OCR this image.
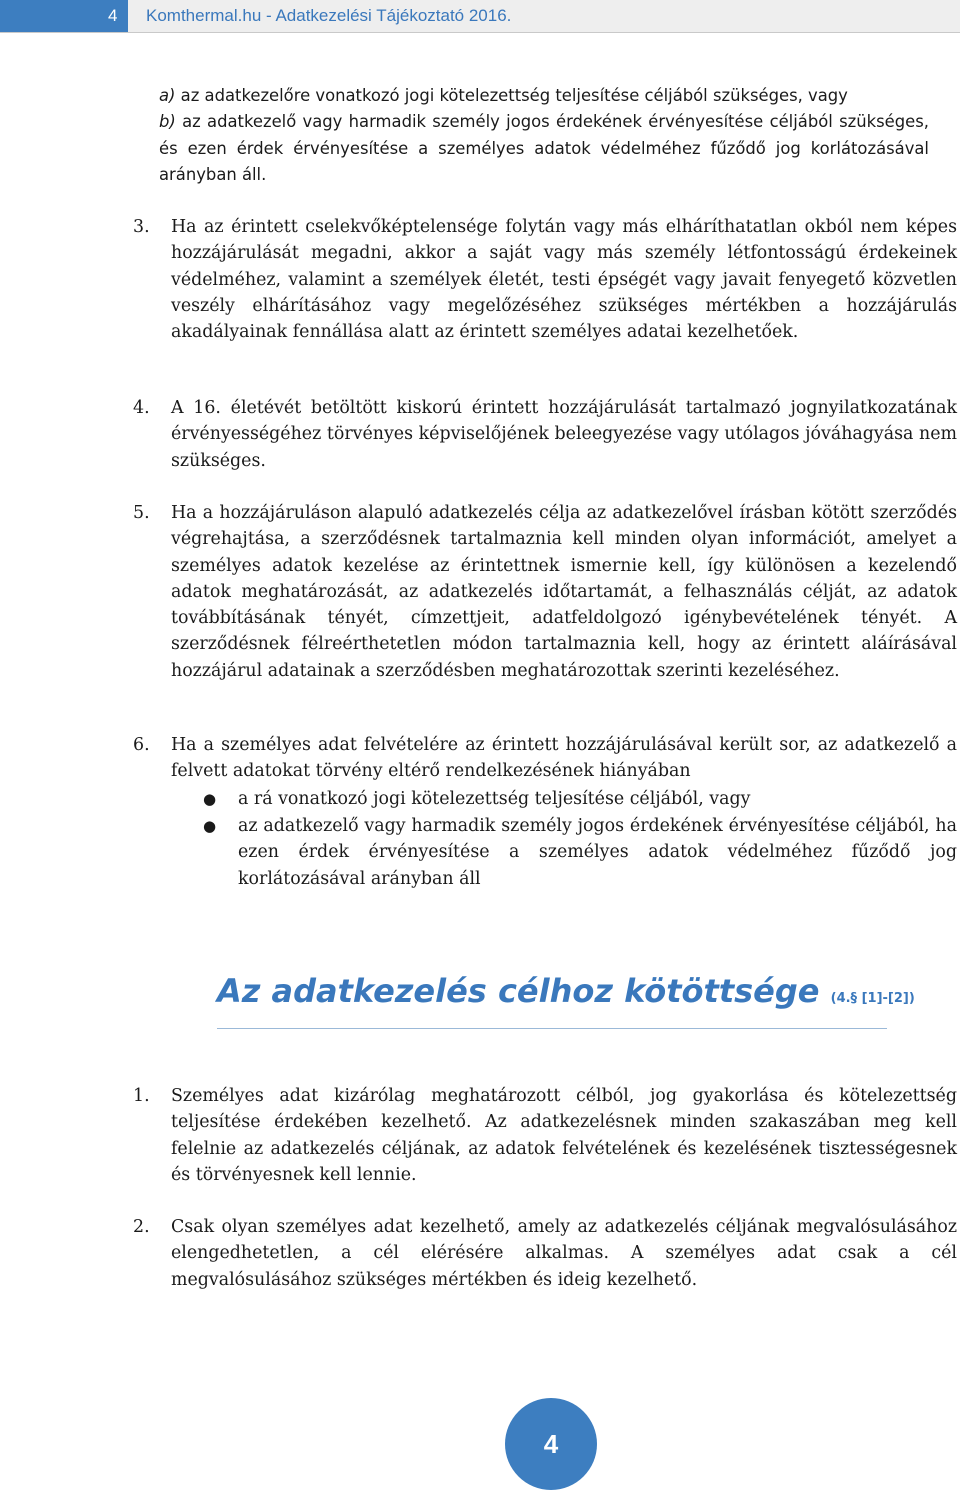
4 Komthermal.hu - Adatkezelési Tájékoztató 2016.
a) az adatkezelőre vonatkozó jogi kötelezettség teljesítése céljából szükséges, vagy
b) az adatkezelő vagy harmadik személy jogos érdekének érvényesítése céljából szükséges, és ezen érdek érvényesítése a személyes adatok védelméhez fűződő jog korlátozásával arányban áll.
3. Ha az érintett cselekvőképtelensége folytán vagy más elháríthatatlan okból nem képes hozzájárulását megadni, akkor a saját vagy más személy létfontosságú érdekeinek védelméhez, valamint a személyek életét, testi épségét vagy javait fenyegető közvetlen veszély elhárításához vagy megelőzéséhez szükséges mértékben a hozzájárulás akadályainak fennállása alatt az érintett személyes adatai kezelhetőek.
4. A 16. életévét betöltött kiskorú érintett hozzájárulását tartalmazó jognyilatkozatának érvényességéhez törvényes képviselőjének beleegyezése vagy utólagos jóváhagyása nem szükséges.
5. Ha a hozzájáruláson alapuló adatkezelés célja az adatkezelővel írásban kötött szerződés végrehajtása, a szerződésnek tartalmaznia kell minden olyan információt, amelyet a személyes adatok kezelése az érintettnek ismernie kell, így különösen a kezelendő adatok meghatározását, az adatkezelés időtartamát, a felhasználás célját, az adatok továbbításának tényét, címzettjeit, adatfeldolgozó igénybevételének tényét. A szerződésnek félreérthetetlen módon tartalmaznia kell, hogy az érintett aláírásával hozzájárul adatainak a szerződésben meghatározottak szerinti kezeléséhez.
6. Ha a személyes adat felvételére az érintett hozzájárulásával került sor, az adatkezelő a felvett adatokat törvény eltérő rendelkezésének hiányában
● a rá vonatkozó jogi kötelezettség teljesítése céljából, vagy
● az adatkezelő vagy harmadik személy jogos érdekének érvényesítése céljából, ha ezen érdek érvényesítése a személyes adatok védelméhez fűződő jog korlátozásával arányban áll
Az adatkezelés célhoz kötöttsége (4.§ [1]-[2])
1. Személyes adat kizárólag meghatározott célból, jog gyakorlása és kötelezettség teljesítése érdekében kezelhető. Az adatkezelésnek minden szakaszában meg kell felelnie az adatkezelés céljának, az adatok felvételének és kezelésének tisztességesnek és törvényesnek kell lennie.
2. Csak olyan személyes adat kezelhető, amely az adatkezelés céljának megvalósulásához elengedhetetlen, a cél elérésére alkalmas. A személyes adat csak a cél megvalósulásához szükséges mértékben és ideig kezelhető.
4
